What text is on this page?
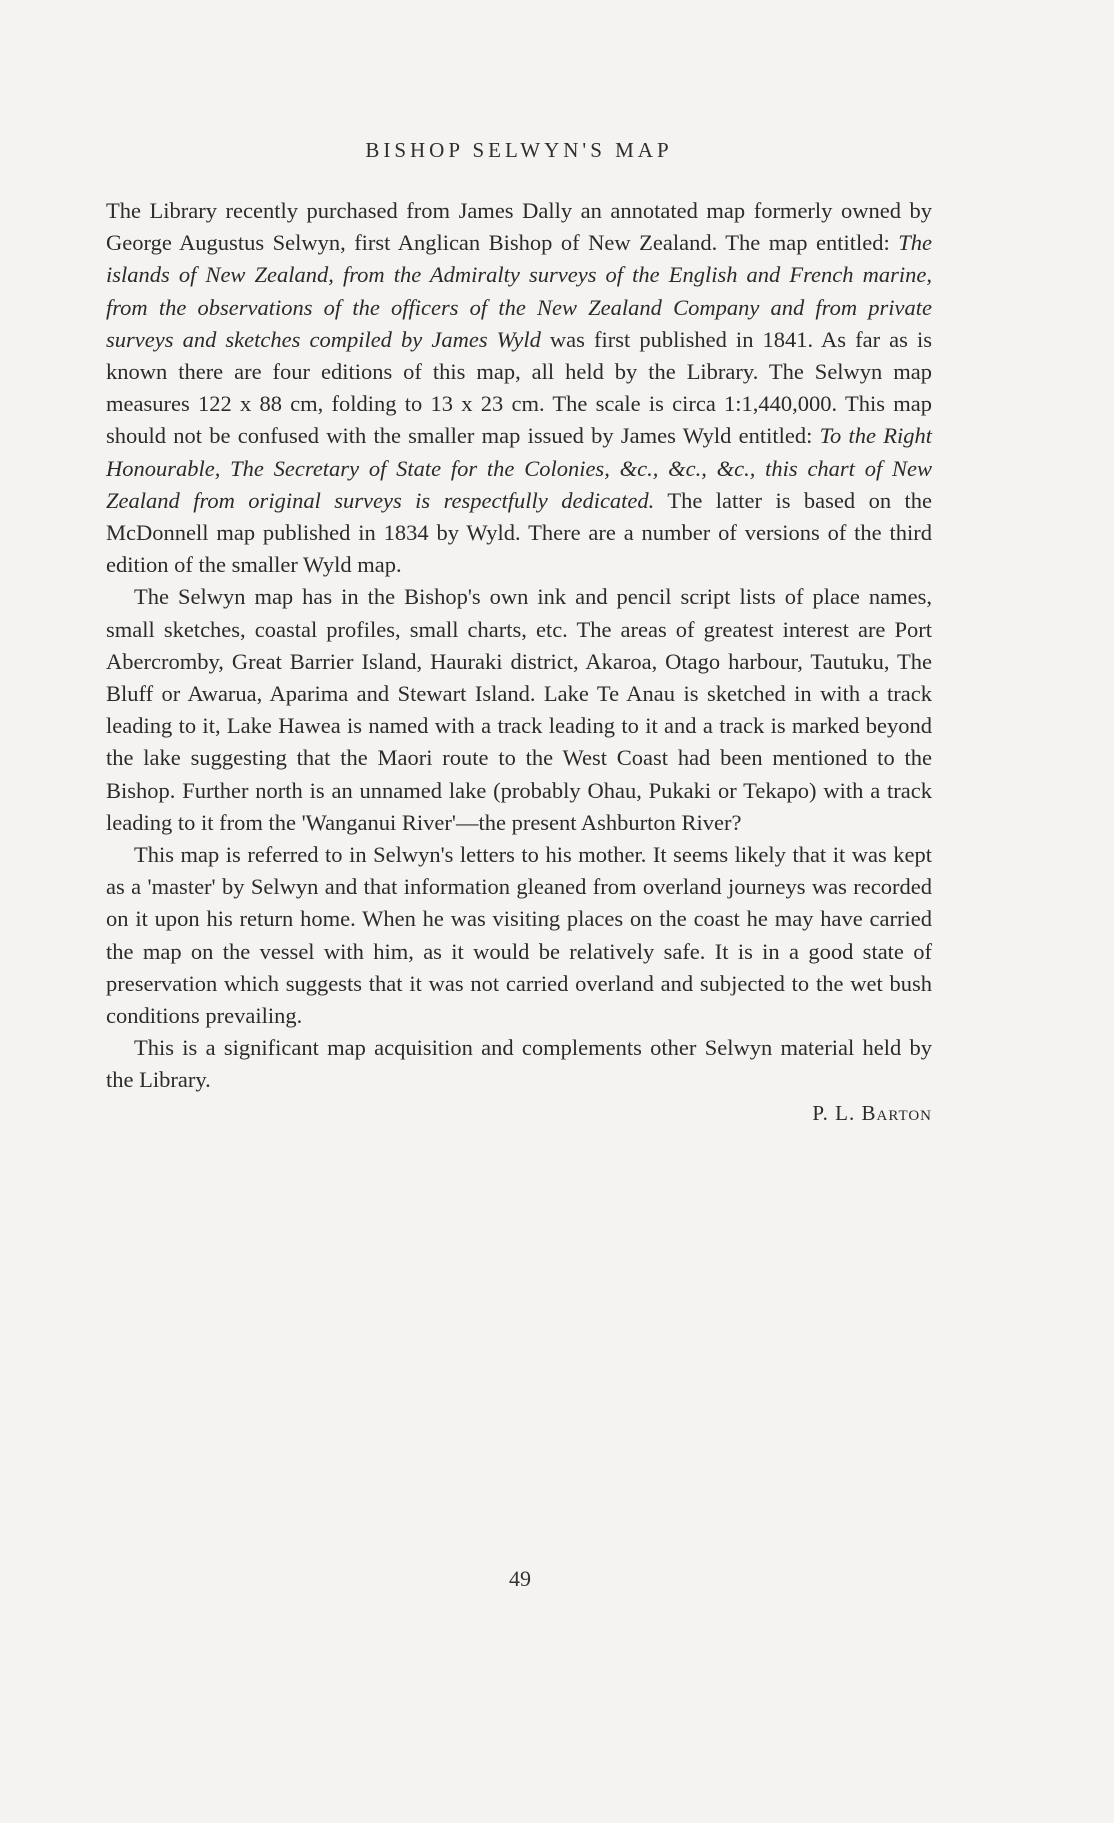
BISHOP SELWYN'S MAP

The Library recently purchased from James Dally an annotated map formerly owned by George Augustus Selwyn, first Anglican Bishop of New Zealand. The map entitled: The islands of New Zealand, from the Admiralty surveys of the English and French marine, from the observations of the officers of the New Zealand Company and from private surveys and sketches compiled by James Wyld was first published in 1841. As far as is known there are four editions of this map, all held by the Library. The Selwyn map measures 122 x 88 cm, folding to 13 x 23 cm. The scale is circa 1:1,440,000. This map should not be confused with the smaller map issued by James Wyld entitled: To the Right Honourable, The Secretary of State for the Colonies, &c., &c., &c., this chart of New Zealand from original surveys is respectfully dedicated. The latter is based on the McDonnell map published in 1834 by Wyld. There are a number of versions of the third edition of the smaller Wyld map.

The Selwyn map has in the Bishop's own ink and pencil script lists of place names, small sketches, coastal profiles, small charts, etc. The areas of greatest interest are Port Abercromby, Great Barrier Island, Hauraki district, Akaroa, Otago harbour, Tautuku, The Bluff or Awarua, Aparima and Stewart Island. Lake Te Anau is sketched in with a track leading to it, Lake Hawea is named with a track leading to it and a track is marked beyond the lake suggesting that the Maori route to the West Coast had been mentioned to the Bishop. Further north is an unnamed lake (probably Ohau, Pukaki or Tekapo) with a track leading to it from the 'Wanganui River'—the present Ashburton River?

This map is referred to in Selwyn's letters to his mother. It seems likely that it was kept as a 'master' by Selwyn and that information gleaned from overland journeys was recorded on it upon his return home. When he was visiting places on the coast he may have carried the map on the vessel with him, as it would be relatively safe. It is in a good state of preservation which suggests that it was not carried overland and subjected to the wet bush conditions prevailing.

This is a significant map acquisition and complements other Selwyn material held by the Library.

P. L. Barton
49
